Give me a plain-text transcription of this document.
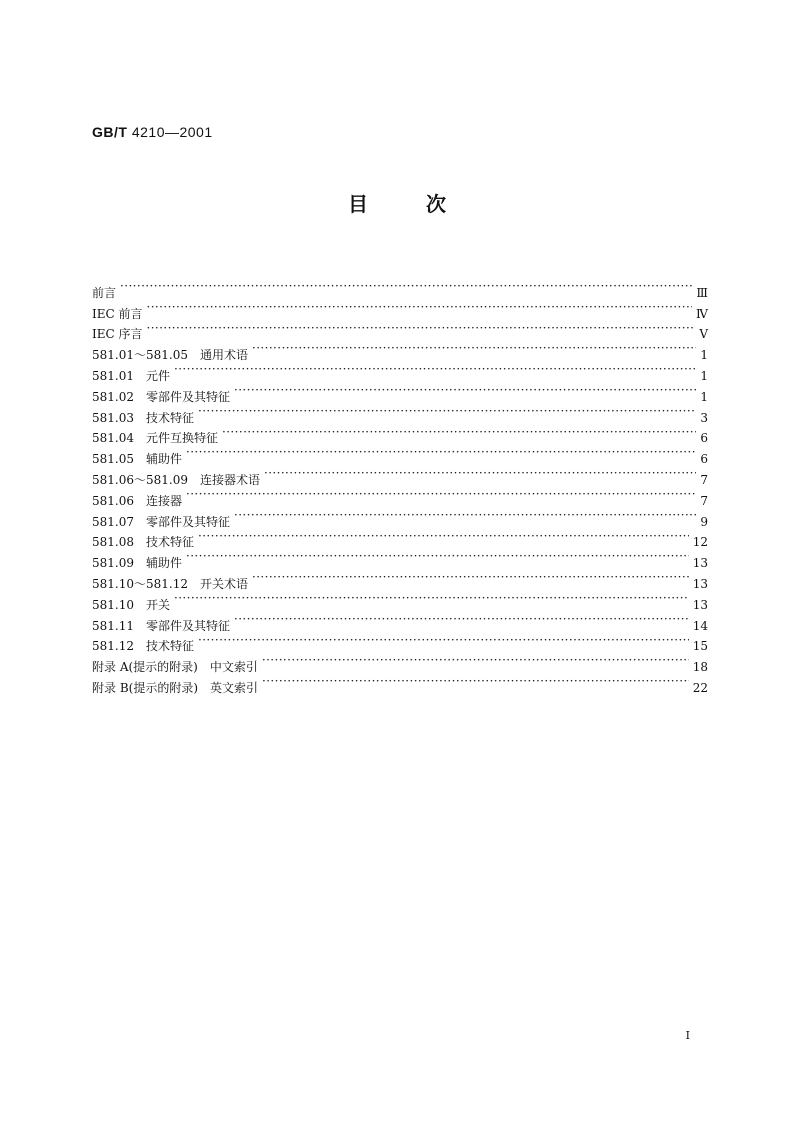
GB/T 4210—2001
目次
前言 ·····	Ⅲ
IEC 前言 ·····	Ⅳ
IEC 序言 ·····	Ⅴ
581.01～581.05　通用术语 ·····	1
581.01　元件 ·····	1
581.02　零部件及其特征 ·····	1
581.03　技术特征 ·····	3
581.04　元件互换特征 ·····	6
581.05　辅助件 ·····	6
581.06～581.09　连接器术语 ·····	7
581.06　连接器 ·····	7
581.07　零部件及其特征 ·····	9
581.08　技术特征 ·····	12
581.09　辅助件 ·····	13
581.10～581.12　开关术语 ·····	13
581.10　开关 ·····	13
581.11　零部件及其特征 ·····	14
581.12　技术特征 ·····	15
附录 A(提示的附录)　中文索引 ·····	18
附录 B(提示的附录)　英文索引 ·····	22
I
